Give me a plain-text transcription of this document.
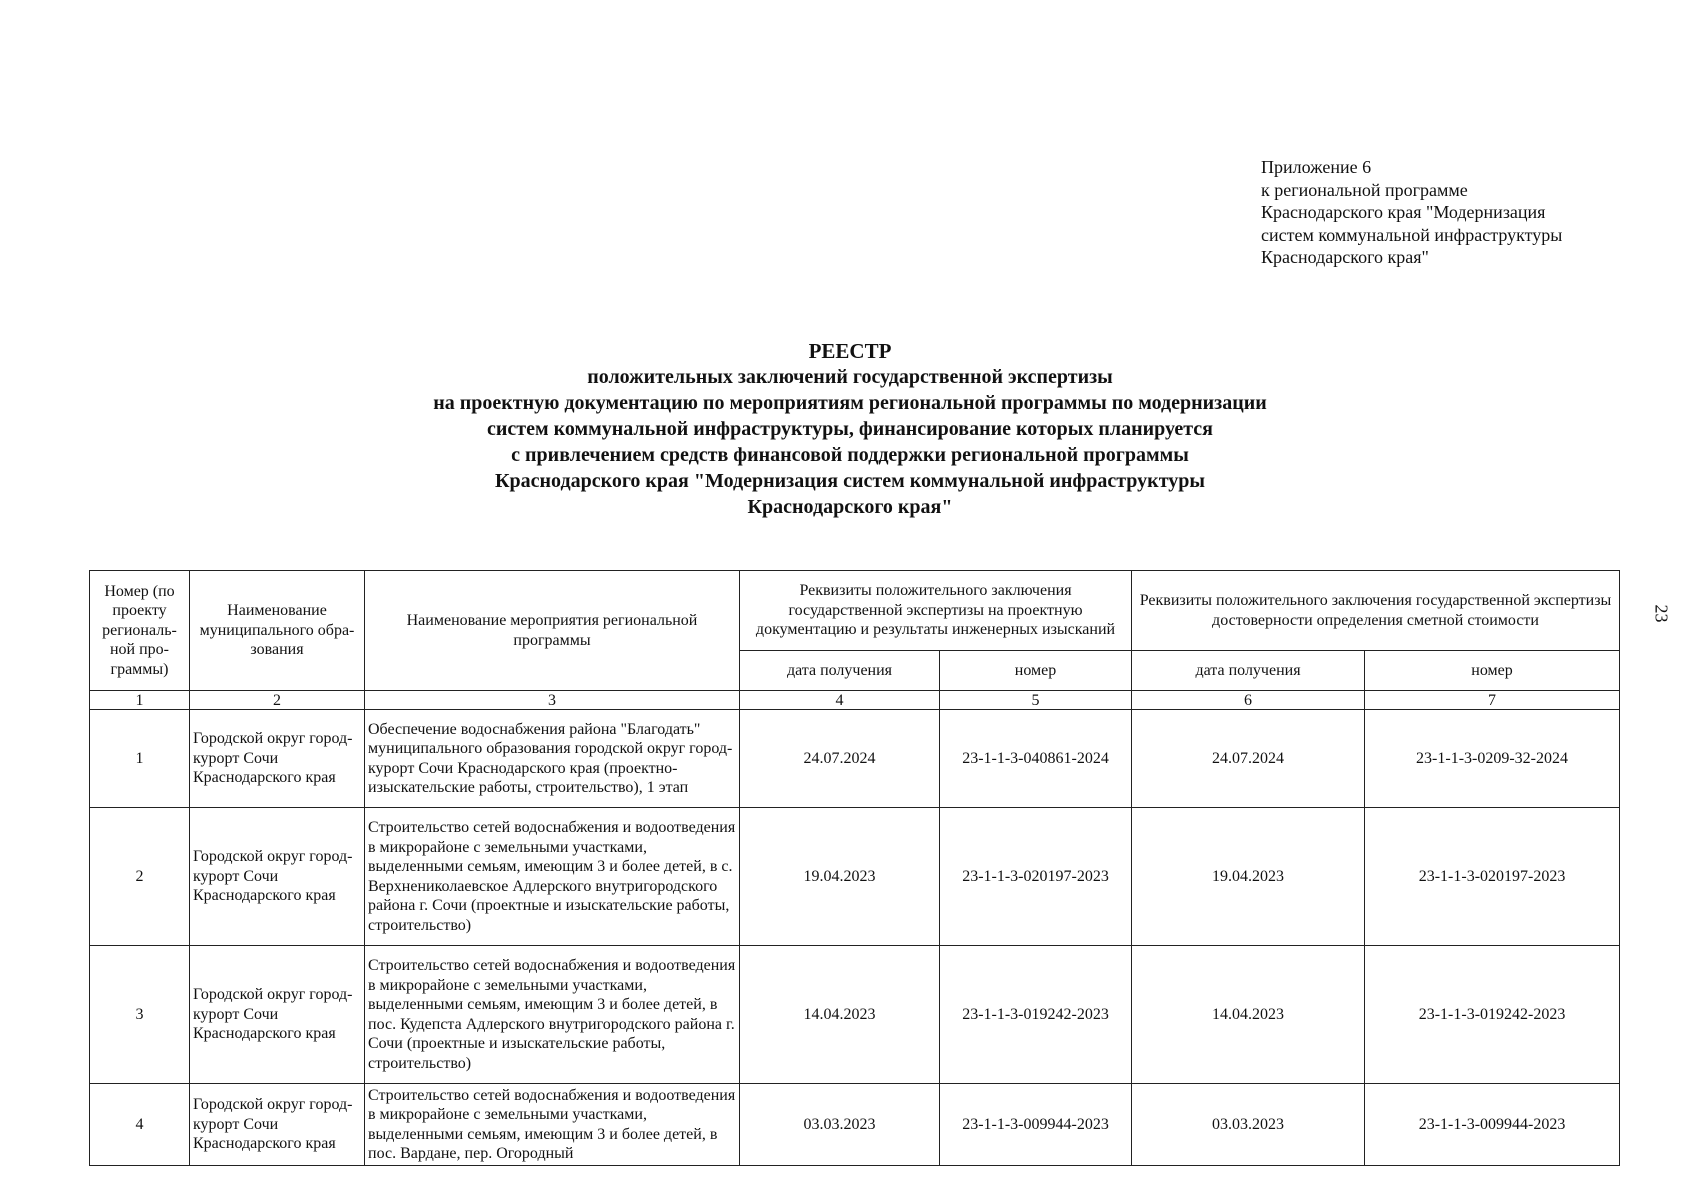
Приложение 6
к региональной программе
Краснодарского края "Модернизация
систем коммунальной инфраструктуры
Краснодарского края"
РЕЕСТР
положительных заключений государственной экспертизы
на проектную документацию по мероприятиям региональной программы по модернизации
систем коммунальной инфраструктуры, финансирование которых планируется
с привлечением средств финансовой поддержки региональной программы
Краснодарского края "Модернизация систем коммунальной инфраструктуры
Краснодарского края"
23
Номер (по проекту региональной программы)	Наименование муниципального образования	Наименование мероприятия региональной программы	Реквизиты положительного заключения государственной экспертизы на проектную документацию и результаты инженерных изысканий		Реквизиты положительного заключения государственной экспертизы достоверности определения сметной стоимости	
			дата получения	номер	дата получения	номер
1	2	3	4	5	6	7
1	Городской округ город-курорт Сочи Краснодарского края	Обеспечение водоснабжения района "Благодать" муниципального образования городской округ город-курорт Сочи Краснодарского края (проектно-изыскательские работы, строительство), 1 этап	24.07.2024	23-1-1-3-040861-2024	24.07.2024	23-1-1-3-0209-32-2024
2	Городской округ город-курорт Сочи Краснодарского края	Строительство сетей водоснабжения и водоотведения в микрорайоне с земельными участками, выделенными семьям, имеющим 3 и более детей, в с. Верхнениколаевское Адлерского внутригородского района г. Сочи (проектные и изыскательские работы, строительство)	19.04.2023	23-1-1-3-020197-2023	19.04.2023	23-1-1-3-020197-2023
3	Городской округ город-курорт Сочи Краснодарского края	Строительство сетей водоснабжения и водоотведения в микрорайоне с земельными участками, выделенными семьям, имеющим 3 и более детей, в пос. Кудепста Адлерского внутригородского района г. Сочи (проектные и изыскательские работы, строительство)	14.04.2023	23-1-1-3-019242-2023	14.04.2023	23-1-1-3-019242-2023
4	Городской округ город-курорт Сочи Краснодарского края	Строительство сетей водоснабжения и водоотведения в микрорайоне с земельными участками, выделенными семьям, имеющим 3 и более детей, в пос. Вардане, пер. Огородный	03.03.2023	23-1-1-3-009944-2023	03.03.2023	23-1-1-3-009944-2023
